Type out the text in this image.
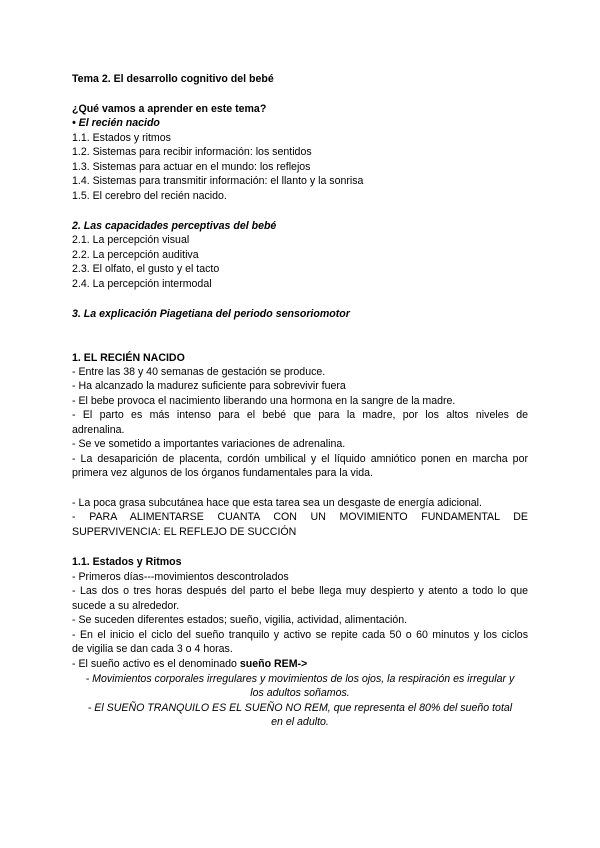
Tema 2. El desarrollo cognitivo del bebé
¿Qué vamos a aprender en este tema?
• El recién nacido
1.1. Estados y ritmos
1.2. Sistemas para recibir información: los sentidos
1.3. Sistemas para actuar en el mundo: los reflejos
1.4. Sistemas para transmitir información: el llanto y la sonrisa
1.5. El cerebro del recién nacido.
2. Las capacidades perceptivas del bebé
2.1. La percepción visual
2.2. La percepción auditiva
2.3. El olfato, el gusto y el tacto
2.4. La percepción intermodal
3. La explicación Piagetiana del periodo sensoriomotor
1. EL RECIÉN NACIDO
- Entre las 38 y 40 semanas de gestación se produce.
- Ha alcanzado la madurez suficiente para sobrevivir fuera
- El bebe provoca el nacimiento liberando una hormona en la sangre de la madre.
- El parto es más intenso para el bebé que para la madre, por los altos niveles de
adrenalina.
- Se ve sometido a importantes variaciones de adrenalina.
- La desaparición de placenta, cordón umbilical y el líquido amniótico ponen en marcha por
primera vez algunos de los órganos fundamentales para la vida.
- La poca grasa subcutánea hace que esta tarea sea un desgaste de energía adicional.
- PARA ALIMENTARSE CUANTA CON UN MOVIMIENTO FUNDAMENTAL DE
SUPERVIVENCIA: EL REFLEJO DE SUCCIÓN
1.1. Estados y Ritmos
- Primeros días---movimientos descontrolados
- Las dos o tres horas después del parto el bebe llega muy despierto y atento a todo lo que
sucede a su alrededor.
- Se suceden diferentes estados; sueño, vigilia, actividad, alimentación.
- En el inicio el ciclo del sueño tranquilo y activo se repite cada 50 o 60 minutos y los ciclos
de vigilia se dan cada 3 o 4 horas.
- El sueño activo es el denominado sueño REM->
- Movimientos corporales irregulares y movimientos de los ojos, la respiración es irregular y
los adultos soñamos.
- El SUEÑO TRANQUILO ES EL SUEÑO NO REM, que representa el 80% del sueño total
en el adulto.
